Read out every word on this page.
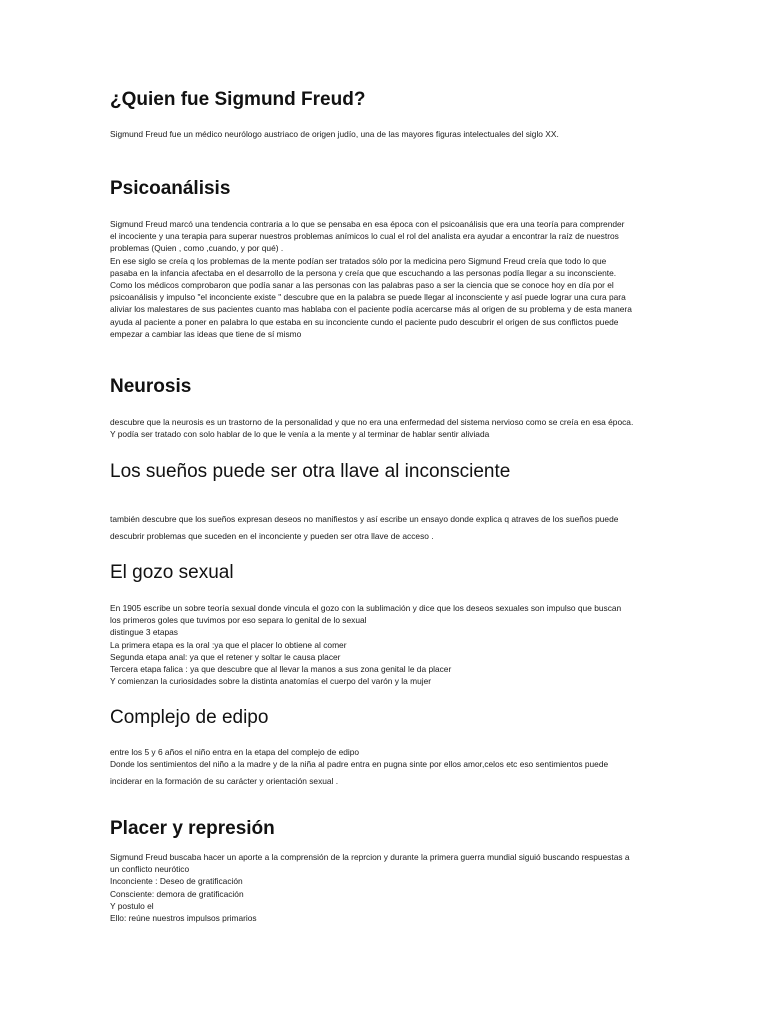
¿Quien fue Sigmund Freud?
Sigmund Freud fue un médico neurólogo austriaco de origen judío, una de las mayores figuras intelectuales del siglo XX.
Psicoanálisis
Sigmund Freud marcó una tendencia contraria a lo que se pensaba en esa época con el psicoanálisis que era una teoría para comprender
el incociente y una terapia para superar nuestros problemas anímicos lo cual el rol del analista era ayudar a encontrar la raíz de nuestros
problemas (Quien , como ,cuando, y por qué) .
En ese siglo se creía q los problemas de la mente podían ser tratados sólo por la medicina pero Sigmund Freud creía que todo lo que
pasaba en la infancia afectaba en el desarrollo de la persona y creía que que escuchando a las personas podía llegar a su inconsciente.
Como los médicos comprobaron que podía sanar a las personas con las palabras paso a ser la ciencia que se conoce hoy en día por el
psicoanálisis y impulso "el inconciente existe " descubre que en la palabra se puede llegar al inconsciente y así puede lograr una cura para
aliviar los malestares de sus pacientes cuanto mas hablaba con el paciente podía acercarse más al origen de su problema y de esta manera
ayuda al paciente a poner en palabra lo que estaba en su inconciente cundo el paciente pudo descubrir el origen de sus conflictos puede
empezar a cambiar las ideas que tiene de sí mismo
Neurosis
descubre que la neurosis es un trastorno de la personalidad y que no era una enfermedad del sistema nervioso como se creía en esa época.
Y podía ser tratado con solo hablar de lo que le venía a la mente y al terminar de hablar sentir aliviada
Los sueños puede ser otra llave al inconsciente
también descubre que los sueños expresan deseos no manifiestos y así escribe un ensayo donde explica q atraves de los sueños puede
descubrir problemas que suceden en el inconciente y pueden ser otra llave de acceso .
El gozo sexual
En 1905 escribe un sobre teoría sexual donde vincula el gozo con la sublimación y dice que los deseos sexuales son impulso que buscan
los primeros goles que tuvimos por eso separa lo genital de lo sexual
distingue 3 etapas
La primera etapa es la oral :ya que el placer lo obtiene al comer
Segunda etapa anal: ya que el retener y soltar le causa placer
Tercera etapa falica : ya que descubre que al llevar la manos a sus zona genital le da placer
Y comienzan la curiosidades sobre la distinta anatomías el cuerpo del varón y la mujer
Complejo de edipo
entre los 5 y 6 años el niño entra en la etapa del complejo de edipo
Donde los sentimientos del niño a la madre y de la niña al padre entra en pugna sinte por ellos amor,celos etc eso sentimientos puede
inciderar en la formación de su carácter y orientación sexual .
Placer y represión
Sigmund Freud buscaba hacer un aporte a la comprensión de la reprcion y durante la primera guerra mundial siguió buscando respuestas a
un conflicto neurótico
Inconciente : Deseo de gratificación
Consciente: demora de gratificación
Y postulo el
Ello: reúne nuestros impulsos primarios
